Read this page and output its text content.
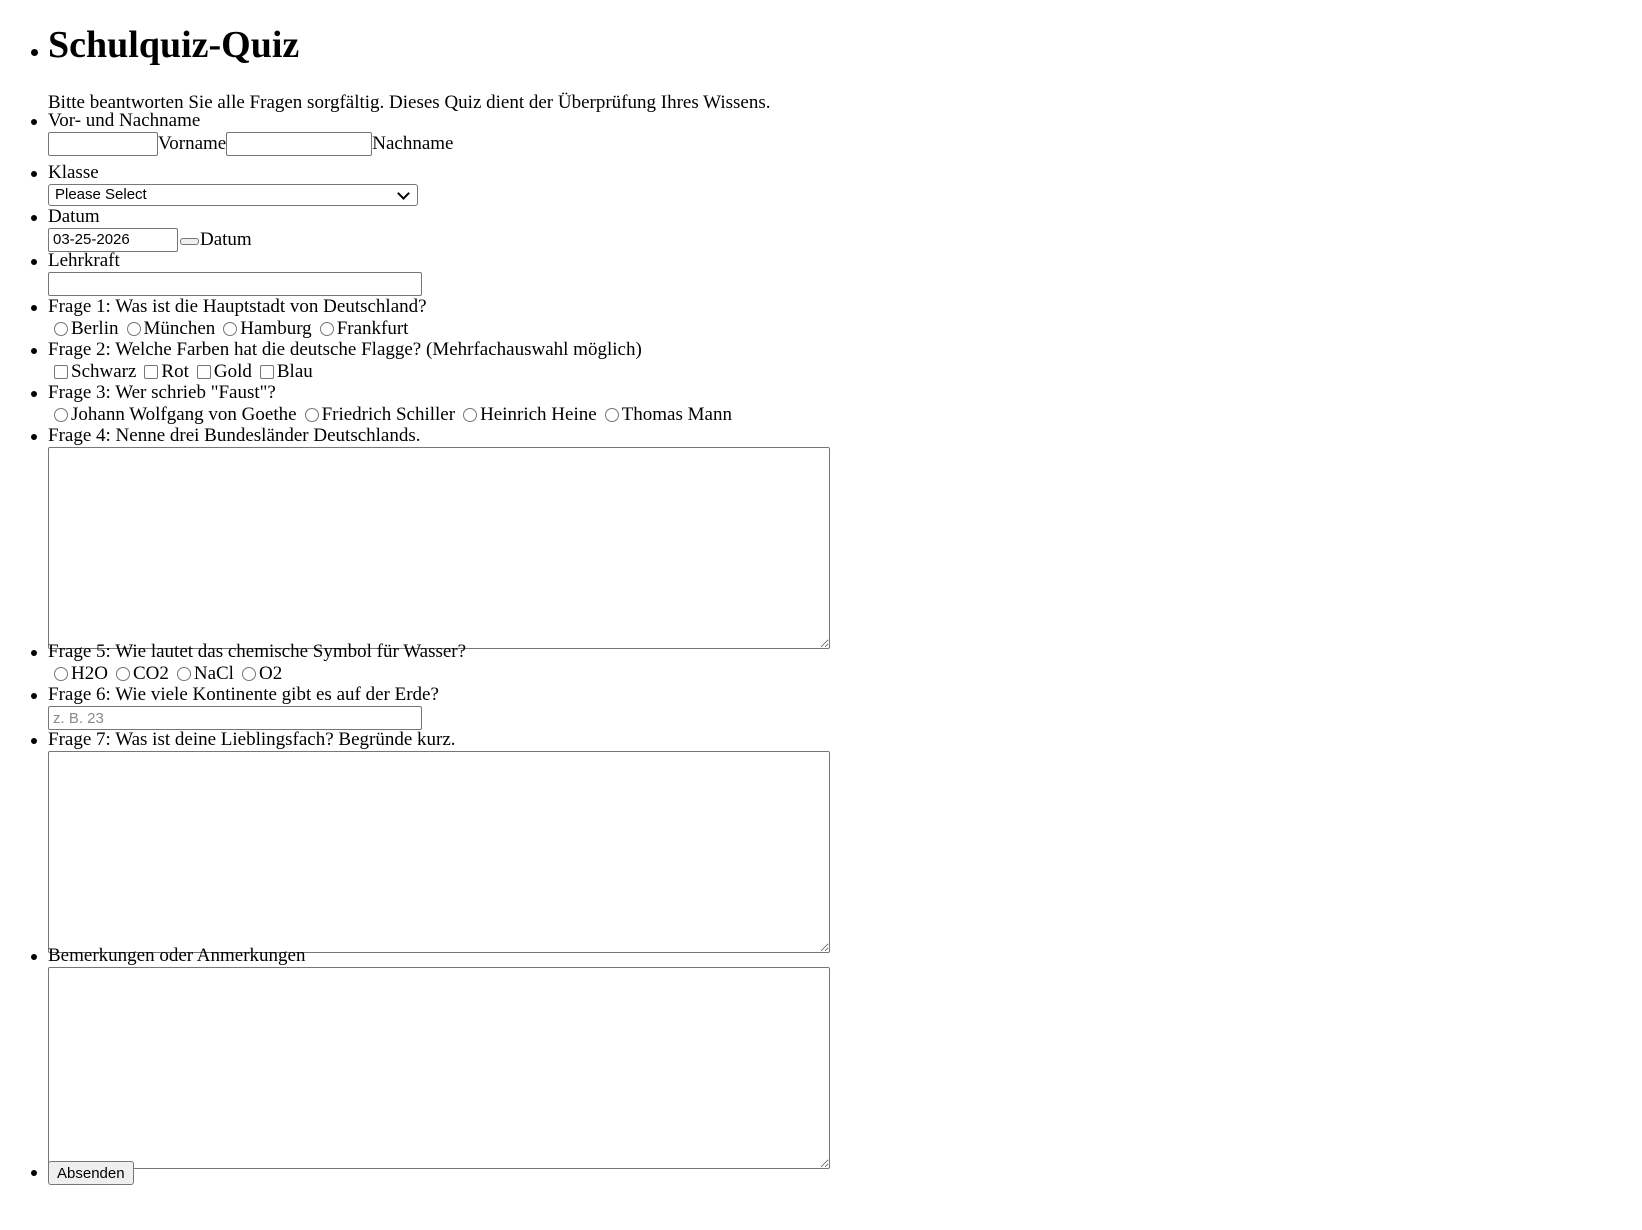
Schulquiz-Quiz
Bitte beantworten Sie alle Fragen sorgfältig. Dieses Quiz dient der Überprüfung Ihres Wissens.
Vor- und Nachname
Vorname	Nachname
Klasse
Please Select
Datum
03-25-2026	Datum
Lehrkraft
Frage 1: Was ist die Hauptstadt von Deutschland?
Berlin München Hamburg Frankfurt
Frage 2: Welche Farben hat die deutsche Flagge? (Mehrfachauswahl möglich)
Schwarz Rot Gold Blau
Frage 3: Wer schrieb "Faust"?
Johann Wolfgang von Goethe Friedrich Schiller Heinrich Heine Thomas Mann
Frage 4: Nenne drei Bundesländer Deutschlands.
Frage 5: Wie lautet das chemische Symbol für Wasser?
H2O CO2 NaCl O2
Frage 6: Wie viele Kontinente gibt es auf der Erde?
z. B. 23
Frage 7: Was ist deine Lieblingsfach? Begründe kurz.
Bemerkungen oder Anmerkungen
Absenden
